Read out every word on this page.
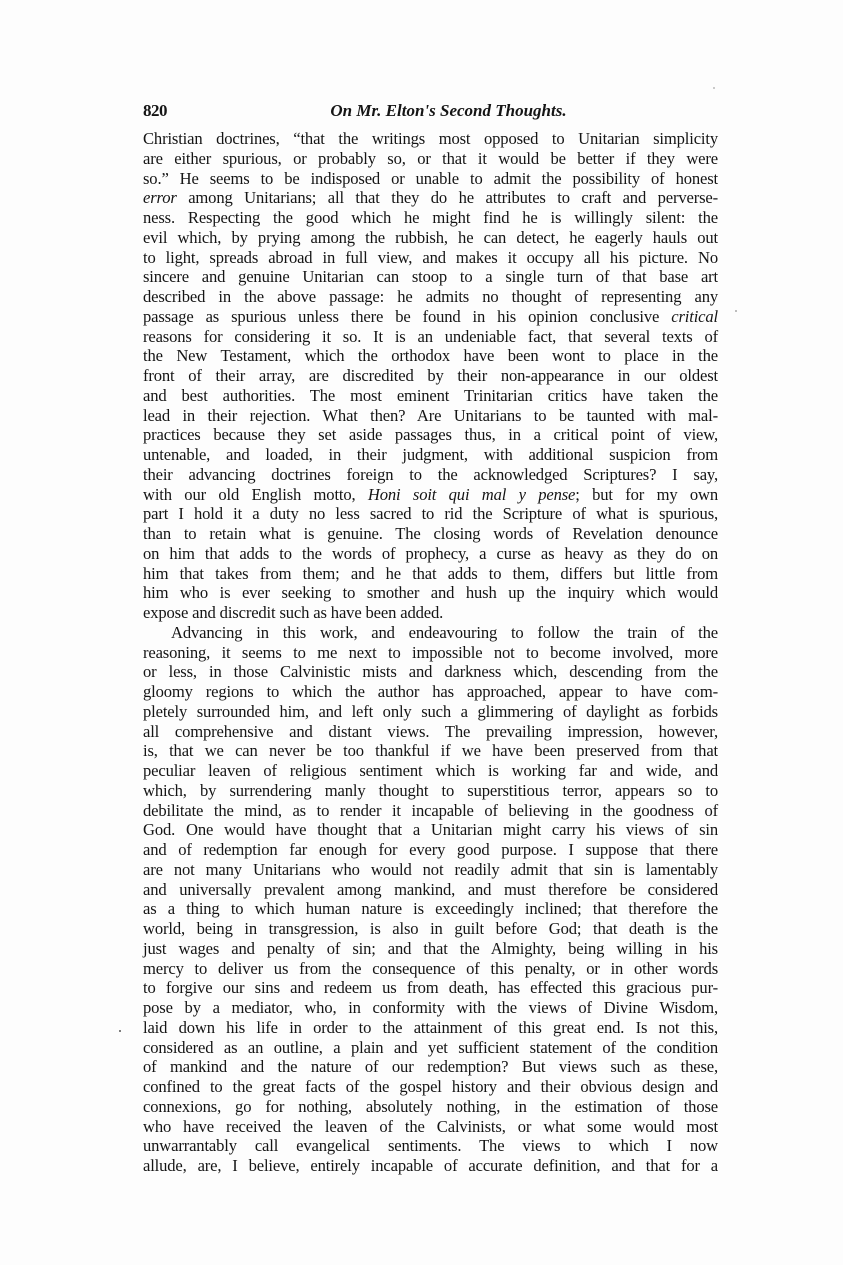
820	On Mr. Elton's Second Thoughts.
Christian doctrines, “that the writings most opposed to Unitarian simplicity
are either spurious, or probably so, or that it would be better if they were
so.” He seems to be indisposed or unable to admit the possibility of honest
error among Unitarians; all that they do he attributes to craft and perverse-
ness. Respecting the good which he might find he is willingly silent: the
evil which, by prying among the rubbish, he can detect, he eagerly hauls out
to light, spreads abroad in full view, and makes it occupy all his picture. No
sincere and genuine Unitarian can stoop to a single turn of that base art
described in the above passage: he admits no thought of representing any
passage as spurious unless there be found in his opinion conclusive critical
reasons for considering it so. It is an undeniable fact, that several texts of
the New Testament, which the orthodox have been wont to place in the
front of their array, are discredited by their non-appearance in our oldest
and best authorities. The most eminent Trinitarian critics have taken the
lead in their rejection. What then? Are Unitarians to be taunted with mal-
practices because they set aside passages thus, in a critical point of view,
untenable, and loaded, in their judgment, with additional suspicion from
their advancing doctrines foreign to the acknowledged Scriptures? I say,
with our old English motto, Honi soit qui mal y pense; but for my own
part I hold it a duty no less sacred to rid the Scripture of what is spurious,
than to retain what is genuine. The closing words of Revelation denounce
on him that adds to the words of prophecy, a curse as heavy as they do on
him that takes from them; and he that adds to them, differs but little from
him who is ever seeking to smother and hush up the inquiry which would
expose and discredit such as have been added.
Advancing in this work, and endeavouring to follow the train of the
reasoning, it seems to me next to impossible not to become involved, more
or less, in those Calvinistic mists and darkness which, descending from the
gloomy regions to which the author has approached, appear to have com-
pletely surrounded him, and left only such a glimmering of daylight as forbids
all comprehensive and distant views. The prevailing impression, however,
is, that we can never be too thankful if we have been preserved from that
peculiar leaven of religious sentiment which is working far and wide, and
which, by surrendering manly thought to superstitious terror, appears so to
debilitate the mind, as to render it incapable of believing in the goodness of
God. One would have thought that a Unitarian might carry his views of sin
and of redemption far enough for every good purpose. I suppose that there
are not many Unitarians who would not readily admit that sin is lamentably
and universally prevalent among mankind, and must therefore be considered
as a thing to which human nature is exceedingly inclined; that therefore the
world, being in transgression, is also in guilt before God; that death is the
just wages and penalty of sin; and that the Almighty, being willing in his
mercy to deliver us from the consequence of this penalty, or in other words
to forgive our sins and redeem us from death, has effected this gracious pur-
pose by a mediator, who, in conformity with the views of Divine Wisdom,
laid down his life in order to the attainment of this great end. Is not this,
considered as an outline, a plain and yet sufficient statement of the condition
of mankind and the nature of our redemption? But views such as these,
confined to the great facts of the gospel history and their obvious design and
connexions, go for nothing, absolutely nothing, in the estimation of those
who have received the leaven of the Calvinists, or what some would most
unwarrantably call evangelical sentiments. The views to which I now
allude, are, I believe, entirely incapable of accurate definition, and that for a
